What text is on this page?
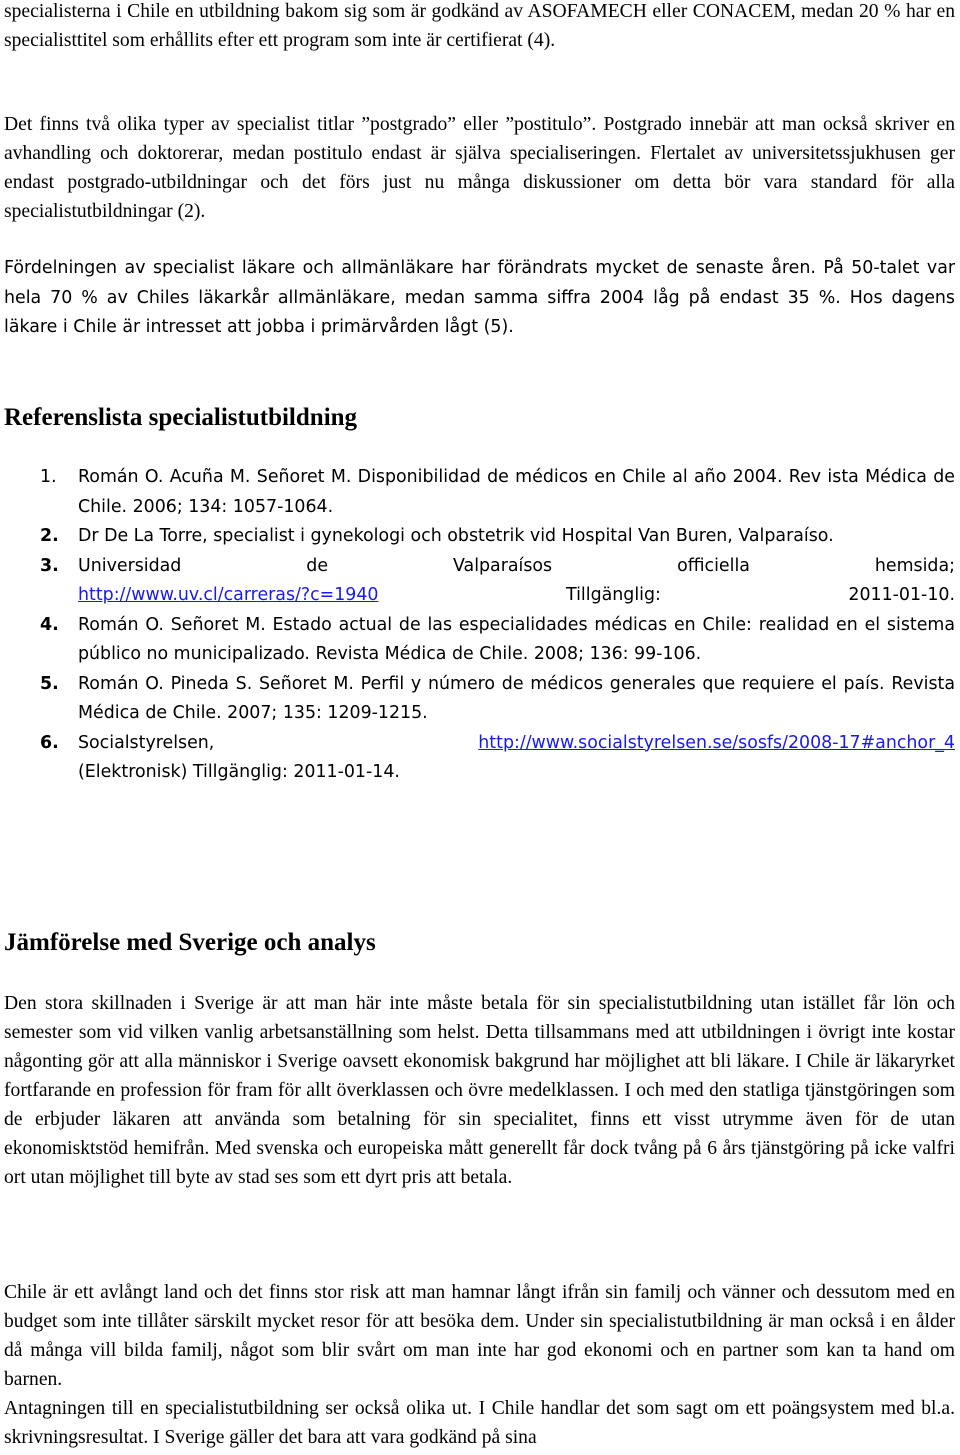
specialisterna i Chile en utbildning bakom sig som är godkänd av ASOFAMECH eller CONACEM, medan 20 % har en specialisttitel som erhållits efter ett program som inte är certifierat (4).

Det finns två olika typer av specialist titlar ”postgrado” eller ”postitulo”. Postgrado innebär att man också skriver en avhandling och doktorerar, medan postitulo endast är själva specialiseringen. Flertalet av universitetssjukhusen ger endast postgrado-utbildningar och det förs just nu många diskussioner om detta bör vara standard för alla specialistutbildningar (2).

Fördelningen av specialist läkare och allmänläkare har förändrats mycket de senaste åren. På 50-talet var hela 70 % av Chiles läkarkår allmänläkare, medan samma siffra 2004 låg på endast 35 %. Hos dagens läkare i Chile är intresset att jobba i primärvården lågt (5).

Referenslista specialistutbildning
1.	Román O. Acuña M. Señoret M. Disponibilidad de médicos en Chile al año 2004. Rev ista Médica de Chile. 2006; 134: 1057-1064.
2.	Dr De La Torre, specialist i gynekologi och obstetrik vid Hospital Van Buren, Valparaíso.
3.	Universidad de Valparaísos officiella hemsida;
http://www.uv.cl/carreras/?c=1940 Tillgänglig: 2011-01-10.
4.	Román O. Señoret M. Estado actual de las especialidades médicas en Chile: realidad en el sistema público no municipalizado. Revista Médica de Chile. 2008; 136: 99-106.
5.	Román O. Pineda S. Señoret M. Perfil y número de médicos generales que requiere el país. Revista Médica de Chile. 2007; 135: 1209-1215.
6.	Socialstyrelsen,	http://www.socialstyrelsen.se/sosfs/2008-17#anchor_4
(Elektronisk) Tillgänglig: 2011-01-14.
Jämförelse med Sverige och analys

Den stora skillnaden i Sverige är att man här inte måste betala för sin specialistutbildning utan istället får lön och semester som vid vilken vanlig arbetsanställning som helst. Detta tillsammans med att utbildningen i övrigt inte kostar någonting gör att alla människor i Sverige oavsett ekonomisk bakgrund har möjlighet att bli läkare. I Chile är läkaryrket fortfarande en profession för fram för allt överklassen och övre medelklassen. I och med den statliga tjänstgöringen som de erbjuder läkaren att använda som betalning för sin specialitet, finns ett visst utrymme även för de utan ekonomisktstöd hemifrån. Med svenska och europeiska mått generellt får dock tvång på 6 års tjänstgöring på icke valfri ort utan möjlighet till byte av stad ses som ett dyrt pris att betala.

Chile är ett avlångt land och det finns stor risk att man hamnar långt ifrån sin familj och vänner och dessutom med en budget som inte tillåter särskilt mycket resor för att besöka dem. Under sin specialistutbildning är man också i en ålder då många vill bilda familj, något som blir svårt om man inte har god ekonomi och en partner som kan ta hand om barnen.

Antagningen till en specialistutbildning ser också olika ut. I Chile handlar det som sagt om ett poängsystem med bl.a. skrivningsresultat. I Sverige gäller det bara att vara godkänd på sina
